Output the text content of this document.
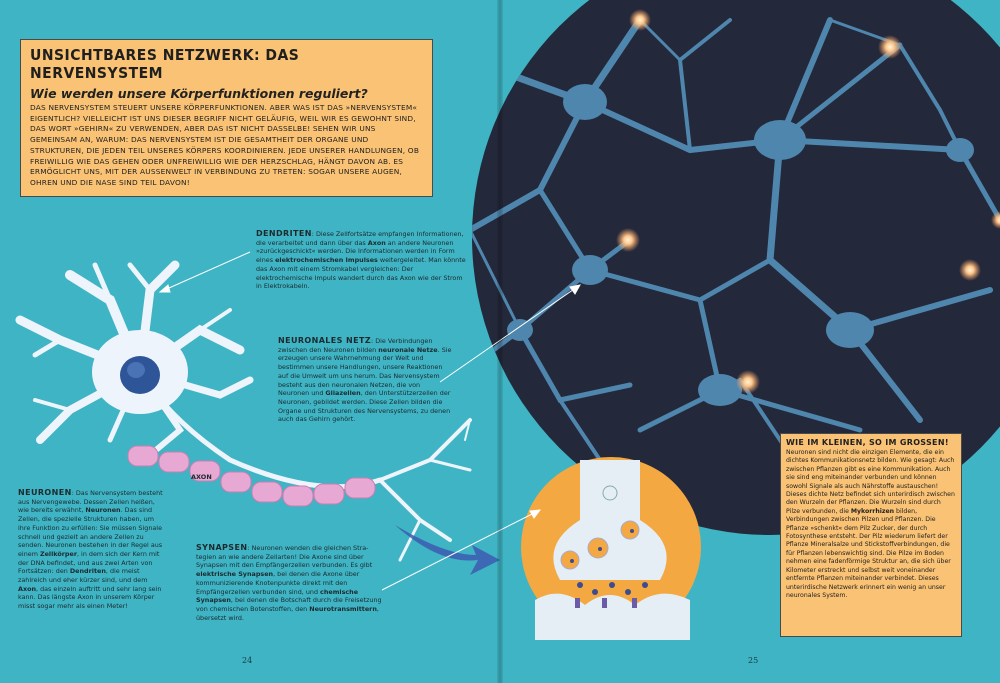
UNSICHTBARES NETZWERK: DAS NERVENSYSTEM

Wie werden unsere Körperfunktionen reguliert?

DAS NERVENSYSTEM STEUERT UNSERE KÖRPERFUNKTIONEN. ABER WAS IST DAS »NERVENSYSTEM« EIGENTLICH? VIELLEICHT IST UNS DIESER BEGRIFF NICHT GELÄUFIG, WEIL WIR ES GEWOHNT SIND, DAS WORT »GEHIRN« ZU VERWENDEN, ABER DAS IST NICHT DASSELBE! SEHEN WIR UNS GEMEINSAM AN, WARUM: DAS NERVENSYSTEM IST DIE GESAMTHEIT DER ORGANE UND STRUKTUREN, DIE JEDEN TEIL UNSERES KÖRPERS KOORDINIEREN. JEDE UNSERER HANDLUNGEN, OB FREIWILLIG WIE DAS GEHEN ODER UNFREIWILLIG WIE DER HERZSCHLAG, HÄNGT DAVON AB. ES ERMÖGLICHT UNS, MIT DER AUSSENWELT IN VERBINDUNG ZU TRETEN: SOGAR UNSERE AUGEN, OHREN UND DIE NASE SIND TEIL DAVON!

DENDRITEN: Diese Zellfortsätze empfangen Informationen, die verarbeitet und dann über das Axon an andere Neuronen »zurückgeschickt« werden. Die Informationen werden in Form eines elektrochemischen Impulses weitergeleitet. Man könnte das Axon mit einem Stromkabel vergleichen: Der elektrochemische Impuls wandert durch das Axon wie der Strom in Elektrokabeln.

NEURONALES NETZ: Die Verbindungen zwischen den Neuronen bilden neuronale Netze. Sie erzeugen unsere Wahrnehmung der Welt und bestimmen unsere Handlungen, unsere Reaktionen auf die Umwelt um uns herum. Das Nervensystem besteht aus den neuronalen Netzen, die von Neuronen und Gliazellen, den Unterstützerzellen der Neuronen, gebildet werden. Diese Zellen bilden die Organe und Strukturen des Nervensystems, zu denen auch das Gehirn gehört.

AXON

NEURONEN: Das Nervensystem besteht aus Nervengewebe. Dessen Zellen heißen, wie bereits erwähnt, Neuronen. Das sind Zellen, die spezielle Strukturen haben, um ihre Funktion zu erfüllen: Sie müssen Signale schnell und gezielt an andere Zellen zu senden. Neuronen bestehen in der Regel aus einem Zellkörper, in dem sich der Kern mit der DNA befindet, und aus zwei Arten von Fortsätzen: den Dendriten, die meist zahlreich und eher kürzer sind, und dem Axon, das einzeln auftritt und sehr lang sein kann. Das längste Axon in unserem Körper misst sogar mehr als einen Meter!

SYNAPSEN: Neuronen wenden die gleichen Strategien an wie andere Zellarten! Die Axone sind über Synapsen mit den Empfängerzellen verbunden. Es gibt elektrische Synapsen, bei denen die Axone über kommunizierende Knotenpunkte direkt mit den Empfängerzellen verbunden sind, und chemische Synapsen, bei denen die Botschaft durch die Freisetzung von chemischen Botenstoffen, den Neurotransmittern, übersetzt wird.

WIE IM KLEINEN, SO IM GROSSEN!

Neuronen sind nicht die einzigen Elemente, die ein dichtes Kommunikationsnetz bilden. Wie gesagt: Auch zwischen Pflanzen gibt es eine Kommunikation. Auch sie sind eng miteinander verbunden und können sowohl Signale als auch Nährstoffe austauschen! Dieses dichte Netz befindet sich unterirdisch zwischen den Wurzeln der Pflanzen. Die Wurzeln sind durch Pilze verbunden, die Mykorrhizen bilden, Verbindungen zwischen Pilzen und Pflanzen. Die Pflanze »schenkt« dem Pilz Zucker, der durch Fotosynthese entsteht. Der Pilz wiederum liefert der Pflanze Mineralsalze und Stickstoffverbindungen, die für Pflanzen lebenswichtig sind. Die Pilze im Boden nehmen eine fadenförmige Struktur an, die sich über Kilometer erstreckt und selbst weit voneinander entfernte Pflanzen miteinander verbindet. Dieses unterirdische Netzwerk erinnert ein wenig an unser neuronales System.

24	25
